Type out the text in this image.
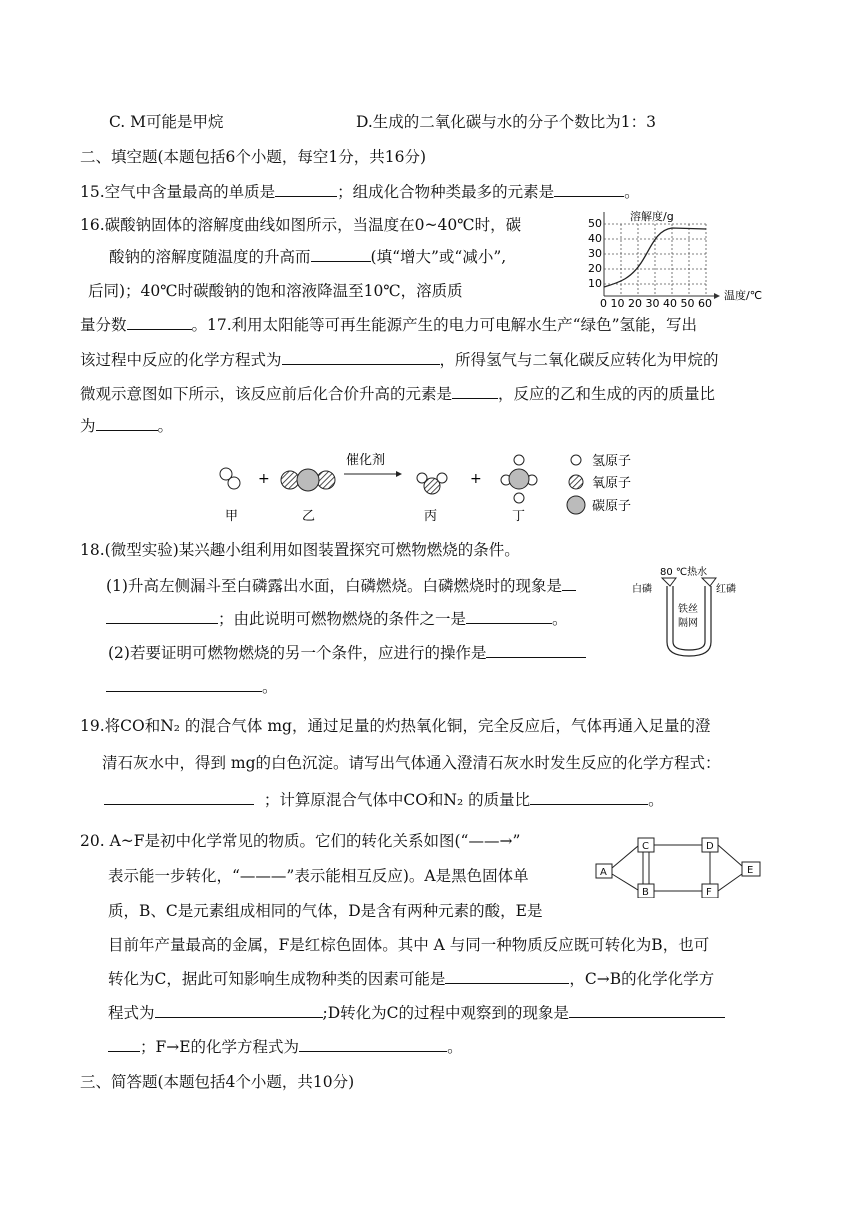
C. M可能是甲烷	D.生成的二氧化碳与水的分子个数比为1：3
二、填空题(本题包括6个小题，每空1分，共16分)
15.空气中含量最高的单质是	；组成化合物种类最多的元素是	。
16.碳酸钠固体的溶解度曲线如图所示，当温度在0~40℃时，碳
酸钠的溶解度随温度的升高而	(填“增大”或“减小”,
后同)；40℃时碳酸钠的饱和溶液降温至10℃，溶质质
量分数	。17.利用太阳能等可再生能源产生的电力可电解水生产“绿色”氢能，写出
溶解度/g
50
40
30
20
10
0 10 20 30 40 50 60
温度/℃
该过程中反应的化学方程式为	，所得氢气与二氧化碳反应转化为甲烷的
微观示意图如下所示，该反应前后化合价升高的元素是	，反应的乙和生成的丙的质量比
为	。
+
催化剂
+
甲	乙	丙	丁
氢原子
氧原子
碳原子
18.(微型实验)某兴趣小组利用如图装置探究可燃物燃烧的条件。
(1)升高左侧漏斗至白磷露出水面，白磷燃烧。白磷燃烧时的现象是
；由此说明可燃物燃烧的条件之一是	。
(2)若要证明可燃物燃烧的另一个条件，应进行的操作是
。
80 ℃热水
白磷	红磷
铁丝
隔网
19.将CO和N₂ 的混合气体 mg，通过足量的灼热氧化铜，完全反应后，气体再通入足量的澄
清石灰水中，得到 mg的白色沉淀。请写出气体通入澄清石灰水时发生反应的化学方程式：
；计算原混合气体中CO和N₂ 的质量比	。
20. A~F是初中化学常见的物质。它们的转化关系如图(“——→”
表示能一步转化，“———”表示能相互反应)。A是黑色固体单
质，B、C是元素组成相同的气体，D是含有两种元素的酸，E是
目前年产量最高的金属，F是红棕色固体。其中 A 与同一种物质反应既可转化为B，也可
转化为C，据此可知影响生成物种类的因素可能是	，C→B的化学化学方
程式为	;D转化为C的过程中观察到的现象是
；F→E的化学方程式为	。
A
B
C	D
E
F
三、简答题(本题包括4个小题，共10分)
